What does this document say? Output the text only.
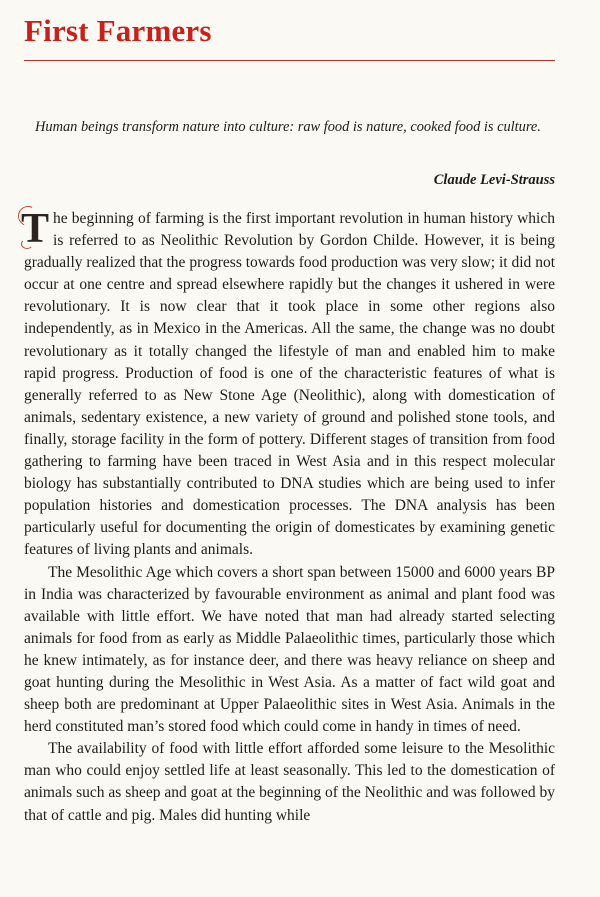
First Farmers

Human beings transform nature into culture: raw food is nature, cooked food is culture.

Claude Levi-Strauss

The beginning of farming is the first important revolution in human history which is referred to as Neolithic Revolution by Gordon Childe. However, it is being gradually realized that the progress towards food production was very slow; it did not occur at one centre and spread elsewhere rapidly but the changes it ushered in were revolutionary. It is now clear that it took place in some other regions also independently, as in Mexico in the Americas. All the same, the change was no doubt revolutionary as it totally changed the lifestyle of man and enabled him to make rapid progress. Production of food is one of the characteristic features of what is generally referred to as New Stone Age (Neolithic), along with domestication of animals, sedentary existence, a new variety of ground and polished stone tools, and finally, storage facility in the form of pottery. Different stages of transition from food gathering to farming have been traced in West Asia and in this respect molecular biology has substantially contributed to DNA studies which are being used to infer population histories and domestication processes. The DNA analysis has been particularly useful for documenting the origin of domesticates by examining genetic features of living plants and animals.

The Mesolithic Age which covers a short span between 15000 and 6000 years BP in India was characterized by favourable environment as animal and plant food was available with little effort. We have noted that man had already started selecting animals for food from as early as Middle Palaeolithic times, particularly those which he knew intimately, as for instance deer, and there was heavy reliance on sheep and goat hunting during the Mesolithic in West Asia. As a matter of fact wild goat and sheep both are predominant at Upper Palaeolithic sites in West Asia. Animals in the herd constituted man’s stored food which could come in handy in times of need.

The availability of food with little effort afforded some leisure to the Mesolithic man who could enjoy settled life at least seasonally. This led to the domestication of animals such as sheep and goat at the beginning of the Neolithic and was followed by that of cattle and pig. Males did hunting while
